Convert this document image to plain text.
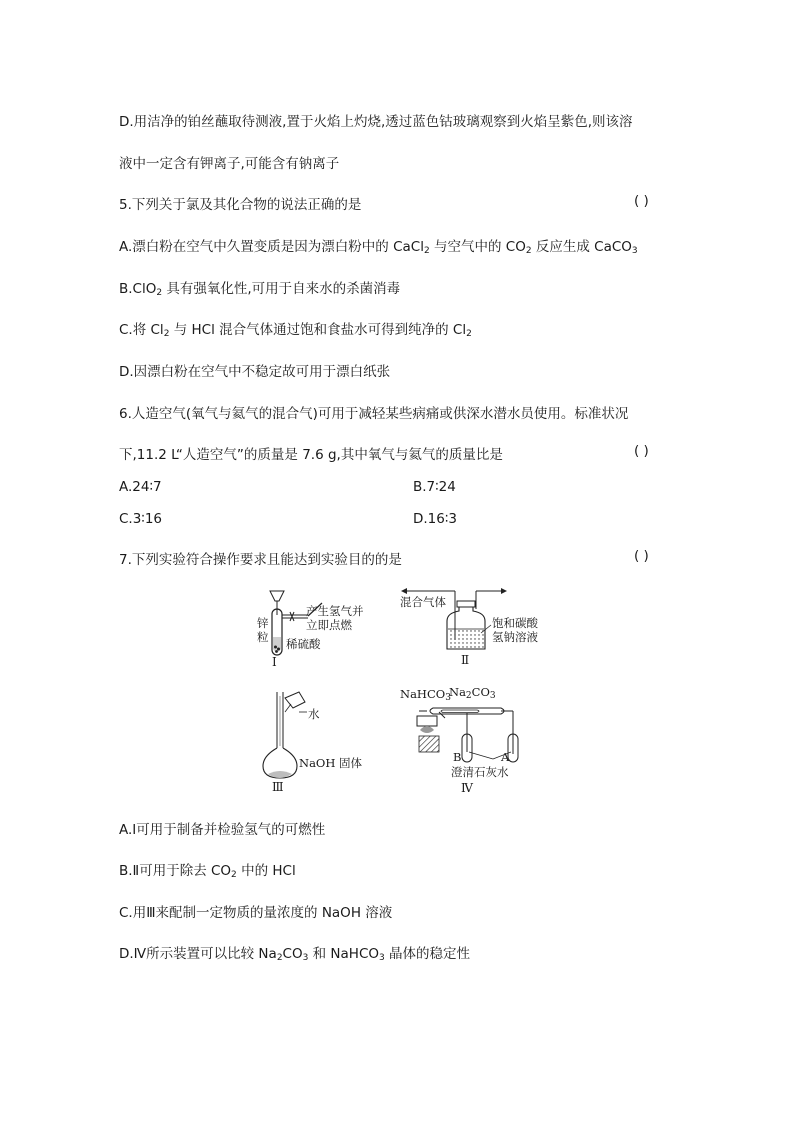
D.用洁净的铂丝蘸取待测液,置于火焰上灼烧,透过蓝色钴玻璃观察到火焰呈紫色,则该溶
液中一定含有钾离子,可能含有钠离子
5.下列关于氯及其化合物的说法正确的是	( )
A.漂白粉在空气中久置变质是因为漂白粉中的 CaCl$_2$ 与空气中的 $CO_2$ 反应生成 CaCO$_3$
B.ClO$_2$ 具有强氧化性,可用于自来水的杀菌消毒
C.将 $Cl_2$ 与 HCl 混合气体通过饱和食盐水可得到纯净的 $Cl_2$
D.因漂白粉在空气中不稳定故可用于漂白纸张
6.人造空气(氧气与氦气的混合气)可用于减轻某些病痛或供深水潜水员使用。标准状况
下,11.2 L“人造空气”的质量是 7.6 g,其中氧气与氦气的质量比是	( )
A.24∶7	B.7∶24
C.3∶16	D.16∶3
7.下列实验符合操作要求且能达到实验目的的是	( )
产生氢气并
立即点燃
锌
粒 稀硫酸
Ⅰ
混合气体
饱和碳酸
氢钠溶液
Ⅱ
水
NaOH 固体
Ⅲ
NaHCO$_3$
$Na_2CO_3$
B	A
澄清石灰水
Ⅳ
A.Ⅰ可用于制备并检验氢气的可燃性
B.Ⅱ可用于除去 $CO_2$ 中的 HCl
C.用Ⅲ来配制一定物质的量浓度的 NaOH 溶液
D.Ⅳ所示装置可以比较 $Na_2CO_3$ 和 NaHCO$_3$ 晶体的稳定性
